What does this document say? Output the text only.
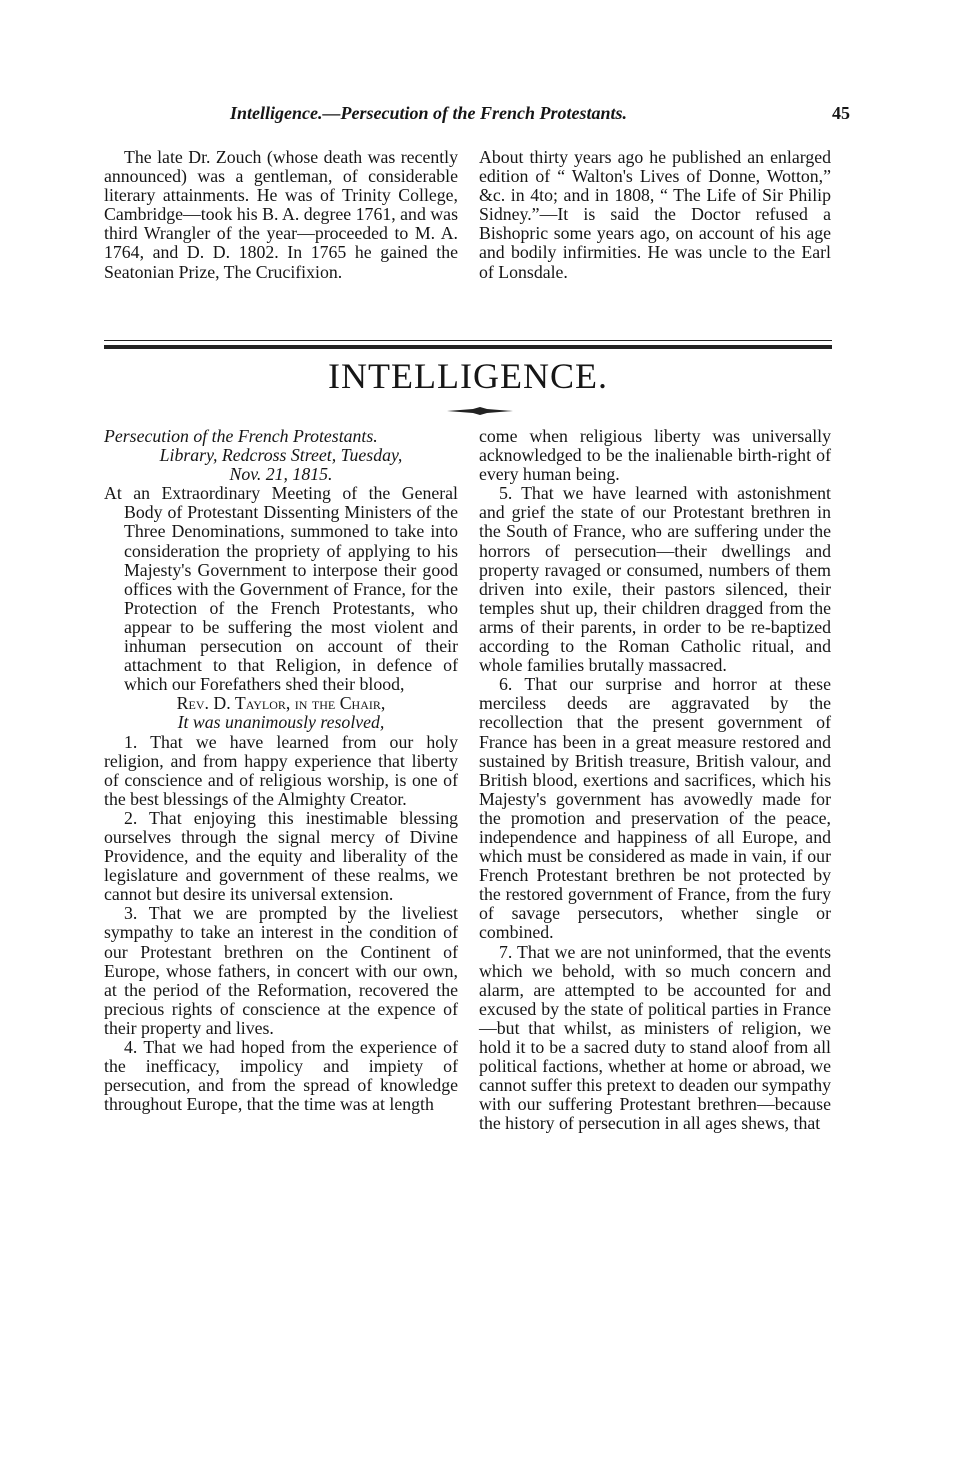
Intelligence.—Persecution of the French Protestants.	45

The late Dr. Zouch (whose death was recently announced) was a gentleman, of considerable literary attainments. He was of Trinity College, Cambridge—took his B. A. degree 1761, and was third Wrangler of the year—proceeded to M. A. 1764, and D. D. 1802. In 1765 he gained the Seatonian Prize, The Crucifixion.

About thirty years ago he published an enlarged edition of “ Walton's Lives of Donne, Wotton,” &c. in 4to; and in 1808, “ The Life of Sir Philip Sidney.”—It is said the Doctor refused a Bishopric some years ago, on account of his age and bodily infirmities. He was uncle to the Earl of Lonsdale.

INTELLIGENCE.

Persecution of the French Protestants.

Library, Redcross Street, Tuesday,

Nov. 21, 1815.

At an Extraordinary Meeting of the General Body of Protestant Dissenting Ministers of the Three Denominations, summoned to take into consideration the propriety of applying to his Majesty's Government to interpose their good offices with the Government of France, for the Protection of the French Protestants, who appear to be suffering the most violent and inhuman persecution on account of their attachment to that Religion, in defence of which our Forefathers shed their blood,

Rev. D. Taylor, in the Chair,

It was unanimously resolved,

1. That we have learned from our holy religion, and from happy experience that liberty of conscience and of religious worship, is one of the best blessings of the Almighty Creator.

2. That enjoying this inestimable blessing ourselves through the signal mercy of Divine Providence, and the equity and liberality of the legislature and government of these realms, we cannot but desire its universal extension.

3. That we are prompted by the liveliest sympathy to take an interest in the condition of our Protestant brethren on the Continent of Europe, whose fathers, in concert with our own, at the period of the Reformation, recovered the precious rights of conscience at the expence of their property and lives.

4. That we had hoped from the experience of the inefficacy, impolicy and impiety of persecution, and from the spread of knowledge throughout Europe, that the time was at length

come when religious liberty was universally acknowledged to be the inalienable birth-right of every human being.

5. That we have learned with astonishment and grief the state of our Protestant brethren in the South of France, who are suffering under the horrors of persecution—their dwellings and property ravaged or consumed, numbers of them driven into exile, their pastors silenced, their temples shut up, their children dragged from the arms of their parents, in order to be re-baptized according to the Roman Catholic ritual, and whole families brutally massacred.

6. That our surprise and horror at these merciless deeds are aggravated by the recollection that the present government of France has been in a great measure restored and sustained by British treasure, British valour, and British blood, exertions and sacrifices, which his Majesty's government has avowedly made for the promotion and preservation of the peace, independence and happiness of all Europe, and which must be considered as made in vain, if our French Protestant brethren be not protected by the restored government of France, from the fury of savage persecutors, whether single or combined.

7. That we are not uninformed, that the events which we behold, with so much concern and alarm, are attempted to be accounted for and excused by the state of political parties in France—but that whilst, as ministers of religion, we hold it to be a sacred duty to stand aloof from all political factions, whether at home or abroad, we cannot suffer this pretext to deaden our sympathy with our suffering Protestant brethren—because the history of persecution in all ages shews, that
